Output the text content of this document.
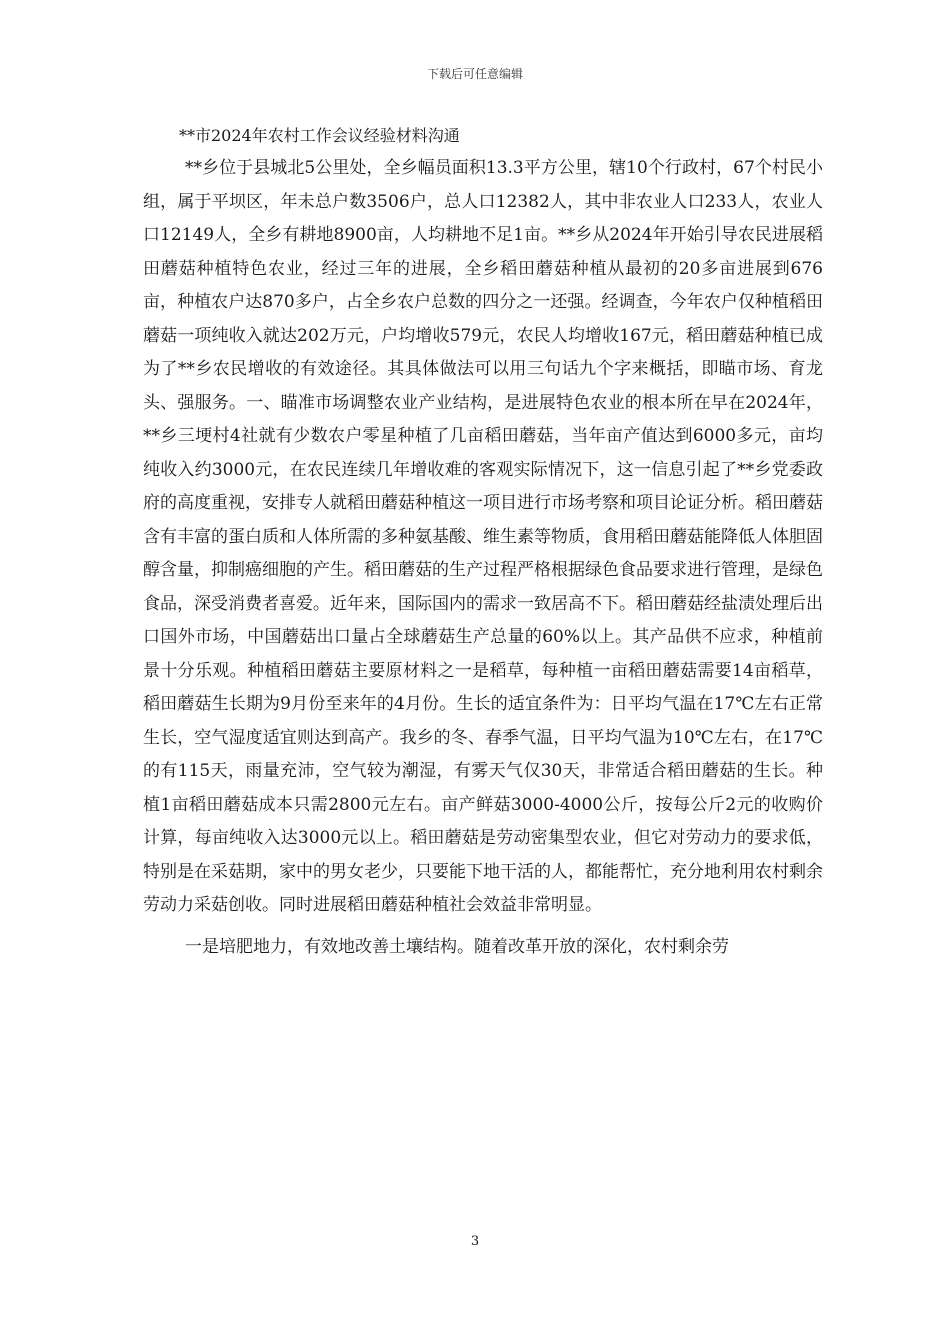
下载后可任意编辑
**市2024年农村工作会议经验材料沟通

**乡位于县城北5公里处，全乡幅员面积13.3平方公里，辖10个行政村，67个村民小组，属于平坝区，年未总户数3506户，总人口12382人，其中非农业人口233人，农业人口12149人，全乡有耕地8900亩，人均耕地不足1亩。**乡从2024年开始引导农民进展稻田蘑菇种植特色农业，经过三年的进展，全乡稻田蘑菇种植从最初的20多亩进展到676亩，种植农户达870多户，占全乡农户总数的四分之一还强。经调查，今年农户仅种植稻田蘑菇一项纯收入就达202万元，户均增收579元，农民人均增收167元，稻田蘑菇种植已成为了**乡农民增收的有效途径。其具体做法可以用三句话九个字来概括，即瞄市场、育龙头、强服务。一、瞄准市场调整农业产业结构，是进展特色农业的根本所在早在2024年，**乡三埂村4社就有少数农户零星种植了几亩稻田蘑菇，当年亩产值达到6000多元，亩均纯收入约3000元，在农民连续几年增收难的客观实际情况下，这一信息引起了**乡党委政府的高度重视，安排专人就稻田蘑菇种植这一项目进行市场考察和项目论证分析。稻田蘑菇含有丰富的蛋白质和人体所需的多种氨基酸、维生素等物质，食用稻田蘑菇能降低人体胆固醇含量，抑制癌细胞的产生。稻田蘑菇的生产过程严格根据绿色食品要求进行管理，是绿色食品，深受消费者喜爱。近年来，国际国内的需求一致居高不下。稻田蘑菇经盐渍处理后出口国外市场，中国蘑菇出口量占全球蘑菇生产总量的60%以上。其产品供不应求，种植前景十分乐观。种植稻田蘑菇主要原材料之一是稻草，每种植一亩稻田蘑菇需要14亩稻草，稻田蘑菇生长期为9月份至来年的4月份。生长的适宜条件为：日平均气温在17℃左右正常生长，空气湿度适宜则达到高产。我乡的冬、春季气温，日平均气温为10℃左右，在17℃的有115天，雨量充沛，空气较为潮湿，有雾天气仅30天，非常适合稻田蘑菇的生长。种植1亩稻田蘑菇成本只需2800元左右。亩产鲜菇3000-4000公斤，按每公斤2元的收购价计算，每亩纯收入达3000元以上。稻田蘑菇是劳动密集型农业，但它对劳动力的要求低，特别是在采菇期，家中的男女老少，只要能下地干活的人，都能帮忙，充分地利用农村剩余劳动力采菇创收。同时进展稻田蘑菇种植社会效益非常明显。

一是培肥地力，有效地改善土壤结构。随着改革开放的深化，农村剩余劳

3
